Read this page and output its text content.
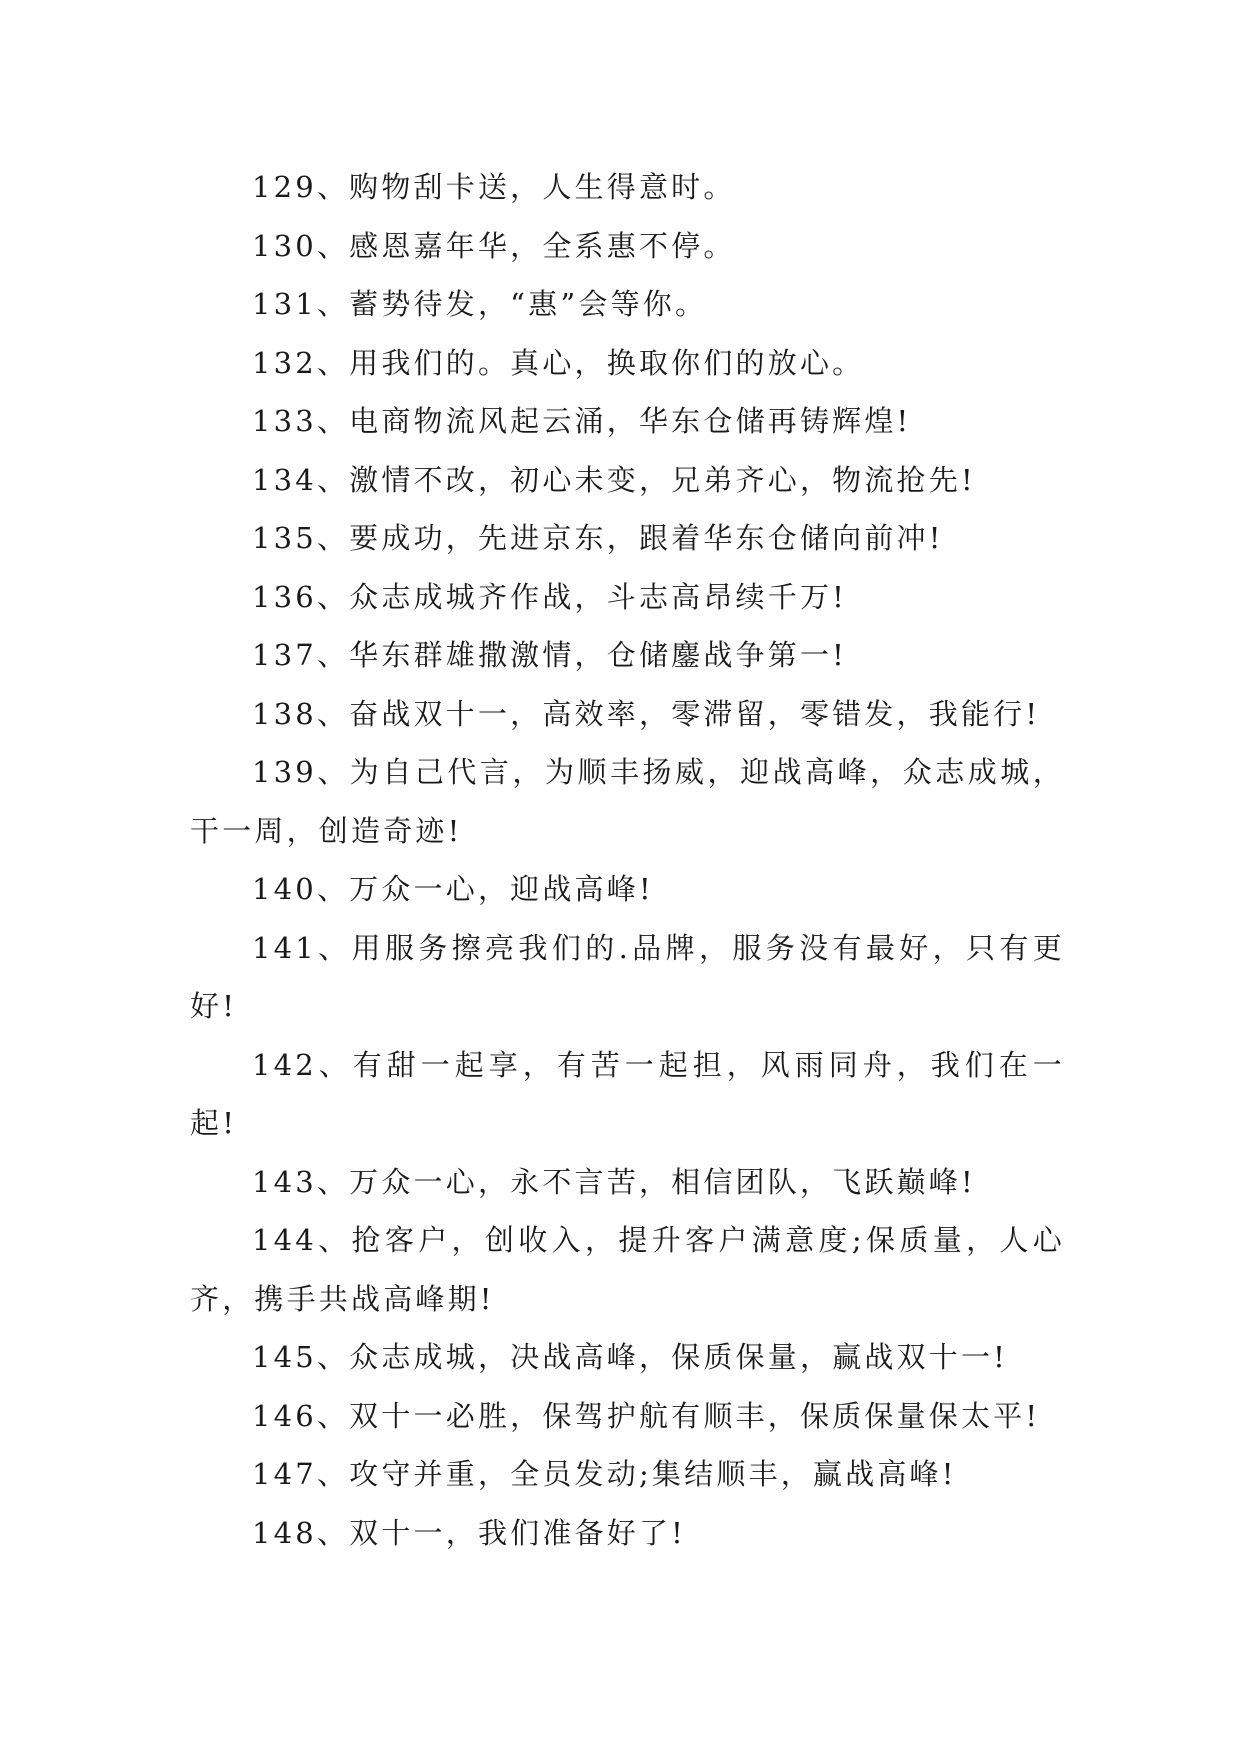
129、购物刮卡送，人生得意时。

130、感恩嘉年华，全系惠不停。

131、蓄势待发，“惠”会等你。

132、用我们的。真心，换取你们的放心。

133、电商物流风起云涌，华东仓储再铸辉煌!

134、激情不改，初心未变，兄弟齐心，物流抢先!

135、要成功，先进京东，跟着华东仓储向前冲!

136、众志成城齐作战，斗志高昂续千万!

137、华东群雄撒激情，仓储鏖战争第一!

138、奋战双十一，高效率，零滞留，零错发，我能行!

139、为自己代言，为顺丰扬威，迎战高峰，众志成城，干一周，创造奇迹!

140、万众一心，迎战高峰!

141、用服务擦亮我们的.品牌，服务没有最好，只有更好!

142、有甜一起享，有苦一起担，风雨同舟，我们在一起!

143、万众一心，永不言苦，相信团队，飞跃巅峰!

144、抢客户，创收入，提升客户满意度;保质量，人心齐，携手共战高峰期!

145、众志成城，决战高峰，保质保量，赢战双十一!

146、双十一必胜，保驾护航有顺丰，保质保量保太平!

147、攻守并重，全员发动;集结顺丰，赢战高峰!

148、双十一，我们准备好了!
